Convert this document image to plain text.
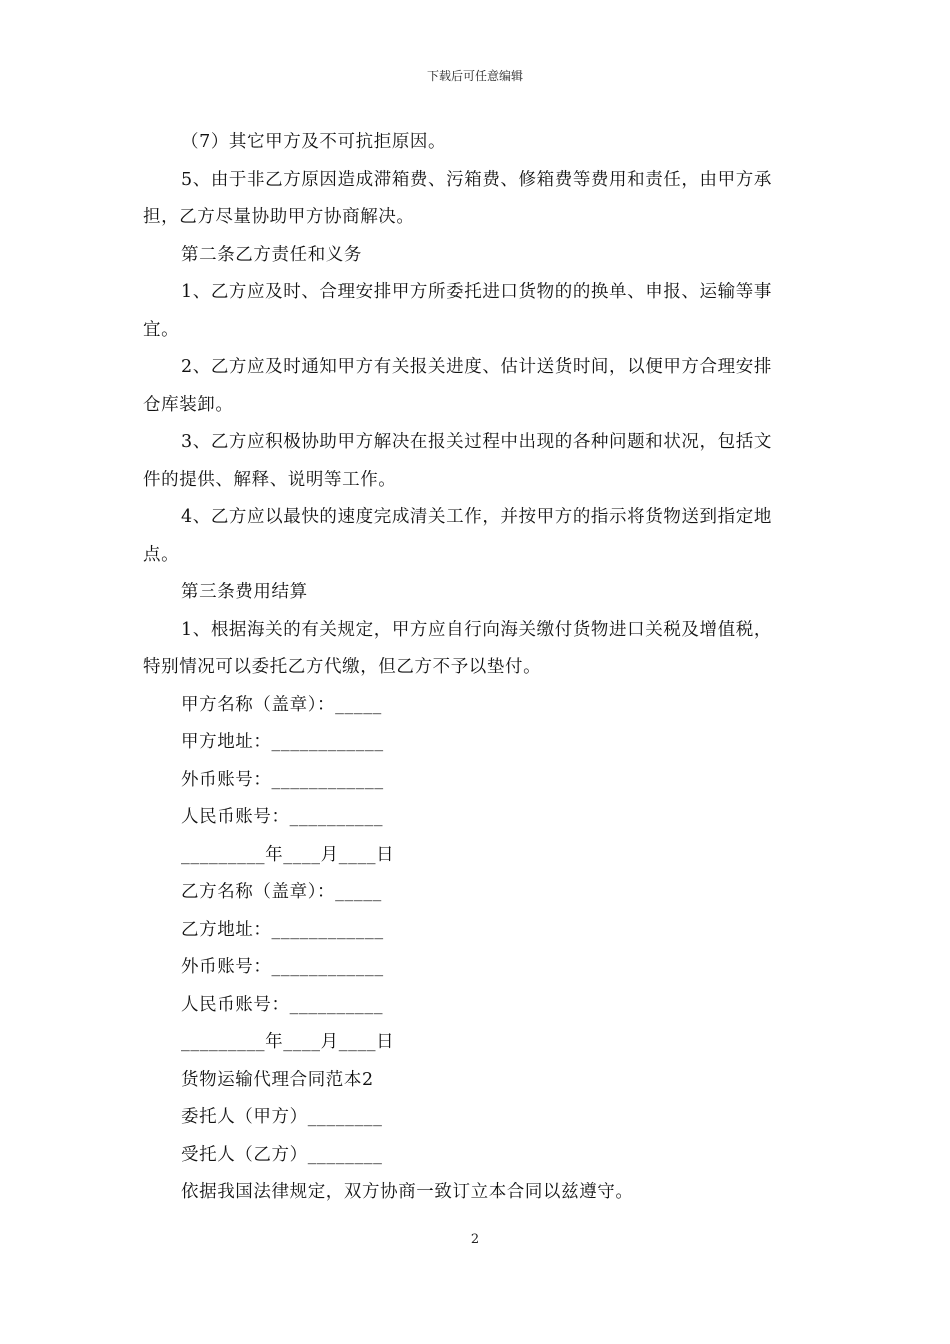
下载后可任意编辑
（7）其它甲方及不可抗拒原因。
5、由于非乙方原因造成滞箱费、污箱费、修箱费等费用和责任，由甲方承
担，乙方尽量协助甲方协商解决。
第二条乙方责任和义务
1、乙方应及时、合理安排甲方所委托进口货物的的换单、申报、运输等事
宜。
2、乙方应及时通知甲方有关报关进度、估计送货时间，以便甲方合理安排
仓库装卸。
3、乙方应积极协助甲方解决在报关过程中出现的各种问题和状况，包括文
件的提供、解释、说明等工作。
4、乙方应以最快的速度完成清关工作，并按甲方的指示将货物送到指定地
点。
第三条费用结算
1、根据海关的有关规定，甲方应自行向海关缴付货物进口关税及增值税，
特别情况可以委托乙方代缴，但乙方不予以垫付。
甲方名称（盖章）：_____
甲方地址：____________
外币账号：____________
人民币账号：__________
_________年____月____日
乙方名称（盖章）：_____
乙方地址：____________
外币账号：____________
人民币账号：__________
_________年____月____日
货物运输代理合同范本2
委托人（甲方）________
受托人（乙方）________
依据我国法律规定，双方协商一致订立本合同以兹遵守。
2
